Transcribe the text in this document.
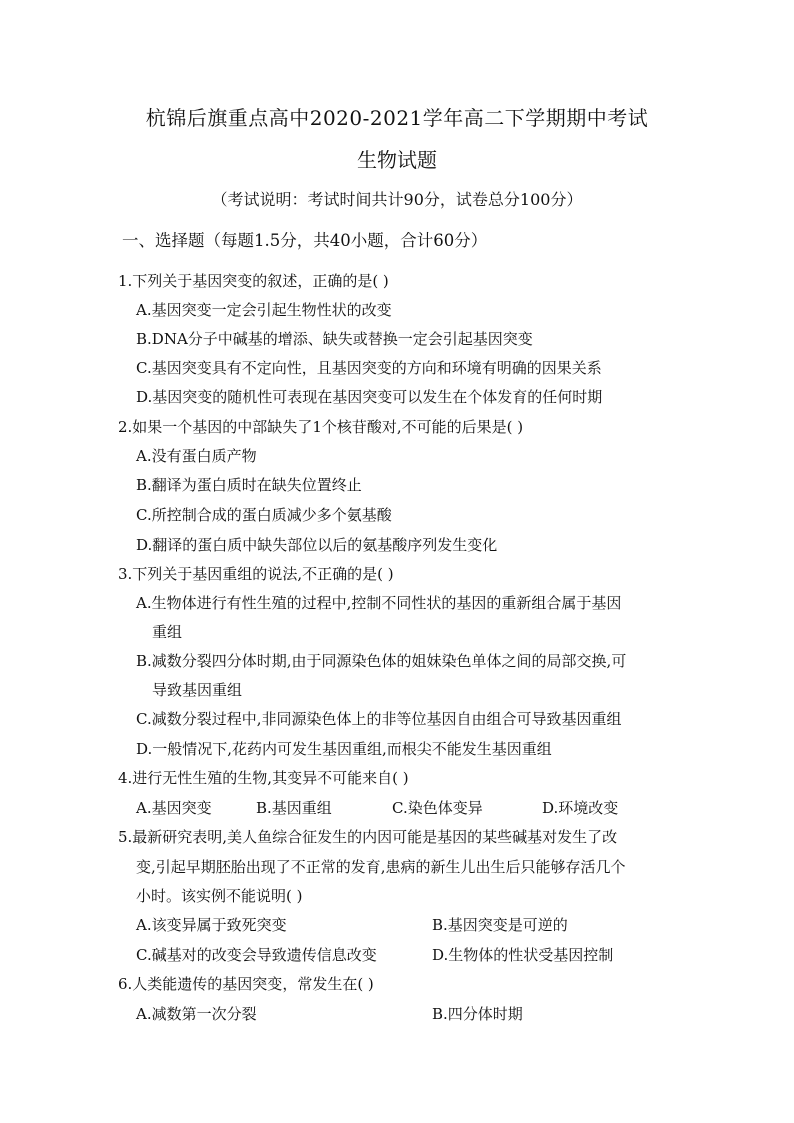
杭锦后旗重点高中2020-2021学年高二下学期期中考试
生物试题
（考试说明：考试时间共计90分，试卷总分100分）
一、选择题（每题1.5分，共40小题，合计60分）
1.下列关于基因突变的叙述，正确的是( )
A.基因突变一定会引起生物性状的改变
B.DNA分子中碱基的增添、缺失或替换一定会引起基因突变
C.基因突变具有不定向性，且基因突变的方向和环境有明确的因果关系
D.基因突变的随机性可表现在基因突变可以发生在个体发育的任何时期
2.如果一个基因的中部缺失了1个核苷酸对,不可能的后果是( )
A.没有蛋白质产物
B.翻译为蛋白质时在缺失位置终止
C.所控制合成的蛋白质减少多个氨基酸
D.翻译的蛋白质中缺失部位以后的氨基酸序列发生变化
3.下列关于基因重组的说法,不正确的是( )
A.生物体进行有性生殖的过程中,控制不同性状的基因的重新组合属于基因
重组
B.减数分裂四分体时期,由于同源染色体的姐妹染色单体之间的局部交换,可
导致基因重组
C.减数分裂过程中,非同源染色体上的非等位基因自由组合可导致基因重组
D.一般情况下,花药内可发生基因重组,而根尖不能发生基因重组
4.进行无性生殖的生物,其变异不可能来自( )
A.基因突变	B.基因重组	C.染色体变异	D.环境改变
5.最新研究表明,美人鱼综合征发生的内因可能是基因的某些碱基对发生了改
变,引起早期胚胎出现了不正常的发育,患病的新生儿出生后只能够存活几个
小时。该实例不能说明( )
A.该变异属于致死突变	B.基因突变是可逆的
C.碱基对的改变会导致遗传信息改变	D.生物体的性状受基因控制
6.人类能遗传的基因突变，常发生在( )
A.减数第一次分裂	B.四分体时期
